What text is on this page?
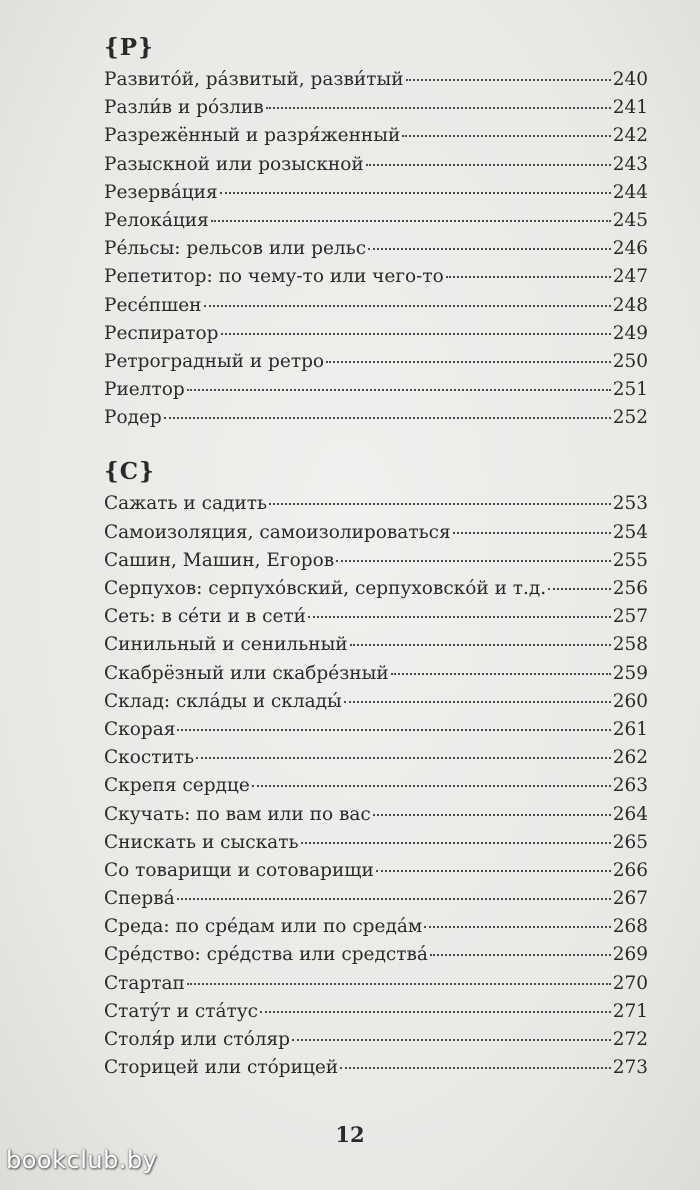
{Р}
Развито́й, ра́звитый, разви́тый	240
Разли́в и ро́злив	241
Разрежённый и разря́женный	242
Разыскной или розыскной	243
Резерва́ция	244
Релока́ция	245
Ре́льсы: рельсов или рельс	246
Репетитор: по чему-то или чего-то	247
Ресе́пшен	248
Респиратор	249
Ретроградный и ретро	250
Риелтор	251
Родер	252
{С}
Сажать и садить	253
Самоизоляция, самоизолироваться	254
Сашин, Машин, Егоров	255
Серпухов: серпухо́вский, серпуховско́й и т.д.	256
Сеть: в се́ти и в сети́	257
Синильный и сенильный	258
Скабрёзный или скабре́зный	259
Склад: скла́ды и склады́	260
Скорая	261
Скостить	262
Скрепя сердце	263
Скучать: по вам или по вас	264
Снискать и сыскать	265
Со товарищи и сотоварищи	266
Сперва́	267
Среда: по сре́дам или по среда́м	268
Сре́дство: сре́дства или средства́	269
Стартап	270
Стату́т и ста́тус	271
Столя́р или сто́ляр	272
Сторицей или сто́рицей	273
12
bookclub.by
